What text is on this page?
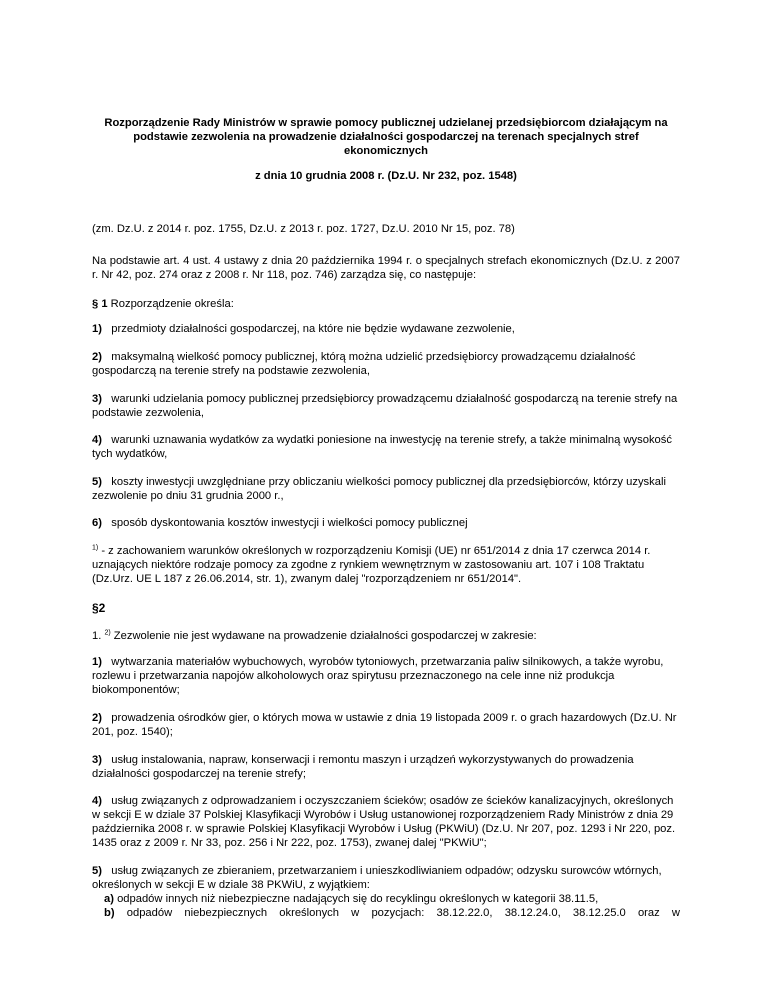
Rozporządzenie Rady Ministrów w sprawie pomocy publicznej udzielanej przedsiębiorcom działającym na podstawie zezwolenia na prowadzenie działalności gospodarczej na terenach specjalnych stref ekonomicznych
z dnia 10 grudnia 2008 r. (Dz.U. Nr 232, poz. 1548)
(zm. Dz.U. z 2014 r. poz. 1755, Dz.U. z 2013 r. poz. 1727, Dz.U. 2010 Nr 15, poz. 78)
Na podstawie art. 4 ust. 4 ustawy z dnia 20 października 1994 r. o specjalnych strefach ekonomicznych (Dz.U. z 2007 r. Nr 42, poz. 274 oraz z 2008 r. Nr 118, poz. 746) zarządza się, co następuje:
§ 1 Rozporządzenie określa:
1) przedmioty działalności gospodarczej, na które nie będzie wydawane zezwolenie,
2) maksymalną wielkość pomocy publicznej, którą można udzielić przedsiębiorcy prowadzącemu działalność gospodarczą na terenie strefy na podstawie zezwolenia,
3) warunki udzielania pomocy publicznej przedsiębiorcy prowadzącemu działalność gospodarczą na terenie strefy na podstawie zezwolenia,
4) warunki uznawania wydatków za wydatki poniesione na inwestycję na terenie strefy, a także minimalną wysokość tych wydatków,
5) koszty inwestycji uwzględniane przy obliczaniu wielkości pomocy publicznej dla przedsiębiorców, którzy uzyskali zezwolenie po dniu 31 grudnia 2000 r.,
6) sposób dyskontowania kosztów inwestycji i wielkości pomocy publicznej
$^{1)}$ - z zachowaniem warunków określonych w rozporządzeniu Komisji (UE) nr 651/2014 z dnia 17 czerwca 2014 r. uznających niektóre rodzaje pomocy za zgodne z rynkiem wewnętrznym w zastosowaniu art. 107 i 108 Traktatu (Dz.Urz. UE L 187 z 26.06.2014, str. 1), zwanym dalej "rozporządzeniem nr 651/2014".
§2
1. $^{2)}$ Zezwolenie nie jest wydawane na prowadzenie działalności gospodarczej w zakresie:
1) wytwarzania materiałów wybuchowych, wyrobów tytoniowych, przetwarzania paliw silnikowych, a także wyrobu, rozlewu i przetwarzania napojów alkoholowych oraz spirytusu przeznaczonego na cele inne niż produkcja biokomponentów;
2) prowadzenia ośrodków gier, o których mowa w ustawie z dnia 19 listopada 2009 r. o grach hazardowych (Dz.U. Nr 201, poz. 1540);
3) usług instalowania, napraw, konserwacji i remontu maszyn i urządzeń wykorzystywanych do prowadzenia działalności gospodarczej na terenie strefy;
4) usług związanych z odprowadzaniem i oczyszczaniem ścieków; osadów ze ścieków kanalizacyjnych, określonych w sekcji E w dziale 37 Polskiej Klasyfikacji Wyrobów i Usług ustanowionej rozporządzeniem Rady Ministrów z dnia 29 października 2008 r. w sprawie Polskiej Klasyfikacji Wyrobów i Usług (PKWiU) (Dz.U. Nr 207, poz. 1293 i Nr 220, poz. 1435 oraz z 2009 r. Nr 33, poz. 256 i Nr 222, poz. 1753), zwanej dalej "PKWiU";
5) usług związanych ze zbieraniem, przetwarzaniem i unieszkodliwianiem odpadów; odzysku surowców wtórnych, określonych w sekcji E w dziale 38 PKWiU, z wyjątkiem:
a) odpadów innych niż niebezpieczne nadających się do recyklingu określonych w kategorii 38.11.5,
b) odpadów niebezpiecznych określonych w pozycjach: 38.12.22.0, 38.12.24.0, 38.12.25.0 oraz w
